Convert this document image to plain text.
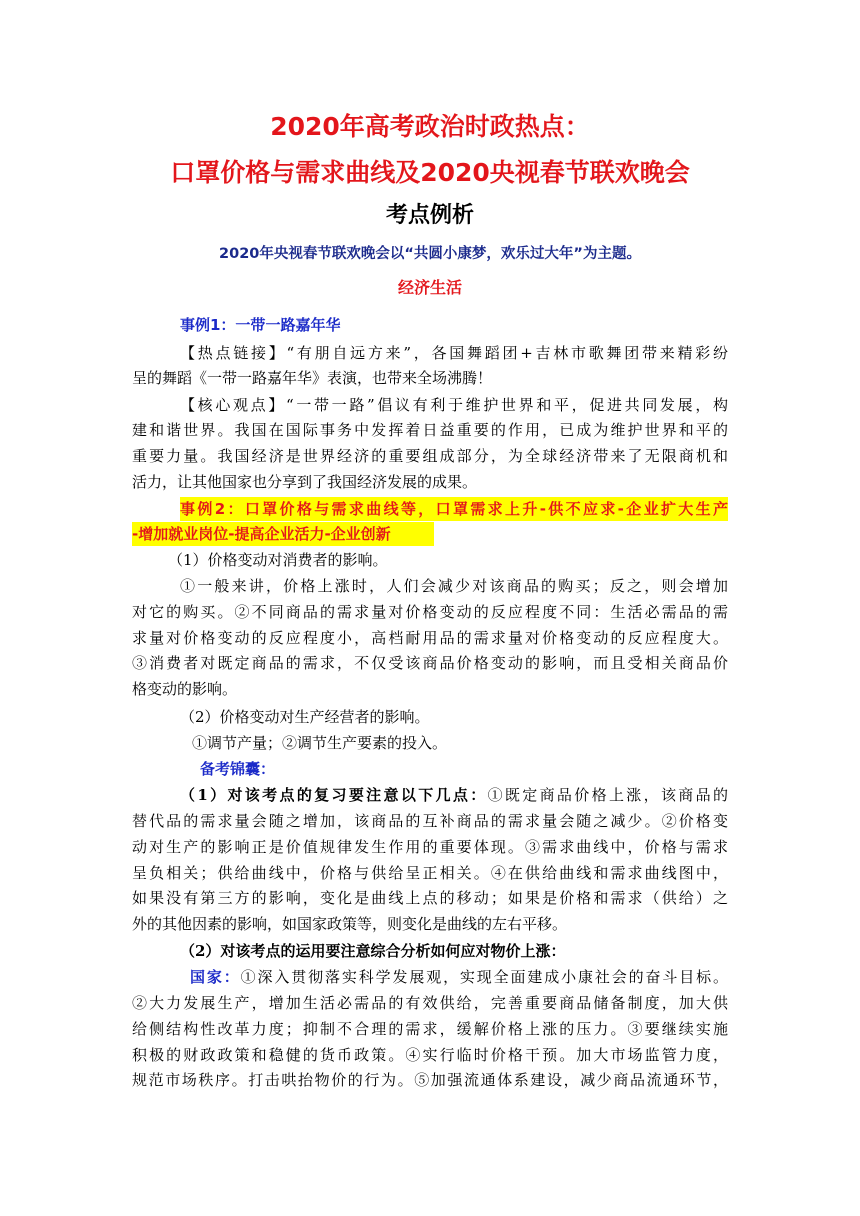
2020年高考政治时政热点：
口罩价格与需求曲线及2020央视春节联欢晚会
考点例析
2020年央视春节联欢晚会以“共圆小康梦，欢乐过大年”为主题。
经济生活
事例1：一带一路嘉年华
【热点链接】“有朋自远方来”，各国舞蹈团+吉林市歌舞团带来精彩纷
呈的舞蹈《一带一路嘉年华》表演，也带来全场沸腾！
【核心观点】“一带一路”倡议有利于维护世界和平，促进共同发展，构
建和谐世界。我国在国际事务中发挥着日益重要的作用，已成为维护世界和平的
重要力量。我国经济是世界经济的重要组成部分，为全球经济带来了无限商机和
活力，让其他国家也分享到了我国经济发展的成果。
事例2：口罩价格与需求曲线等，口罩需求上升-供不应求-企业扩大生产
-增加就业岗位-提高企业活力-企业创新
（1）价格变动对消费者的影响。
①一般来讲，价格上涨时，人们会减少对该商品的购买；反之，则会增加
对它的购买。②不同商品的需求量对价格变动的反应程度不同：生活必需品的需
求量对价格变动的反应程度小，高档耐用品的需求量对价格变动的反应程度大。
③消费者对既定商品的需求，不仅受该商品价格变动的影响，而且受相关商品价
格变动的影响。
（2）价格变动对生产经营者的影响。
①调节产量；②调节生产要素的投入。
备考锦囊：
（1）对该考点的复习要注意以下几点：①既定商品价格上涨，该商品的
替代品的需求量会随之增加，该商品的互补商品的需求量会随之减少。②价格变
动对生产的影响正是价值规律发生作用的重要体现。③需求曲线中，价格与需求
呈负相关；供给曲线中，价格与供给呈正相关。④在供给曲线和需求曲线图中，
如果没有第三方的影响，变化是曲线上点的移动；如果是价格和需求（供给）之
外的其他因素的影响，如国家政策等，则变化是曲线的左右平移。
（2）对该考点的运用要注意综合分析如何应对物价上涨：
国家：①深入贯彻落实科学发展观，实现全面建成小康社会的奋斗目标。
②大力发展生产，增加生活必需品的有效供给，完善重要商品储备制度，加大供
给侧结构性改革力度；抑制不合理的需求，缓解价格上涨的压力。③要继续实施
积极的财政政策和稳健的货币政策。④实行临时价格干预。加大市场监管力度，
规范市场秩序。打击哄抬物价的行为。⑤加强流通体系建设，减少商品流通环节，
